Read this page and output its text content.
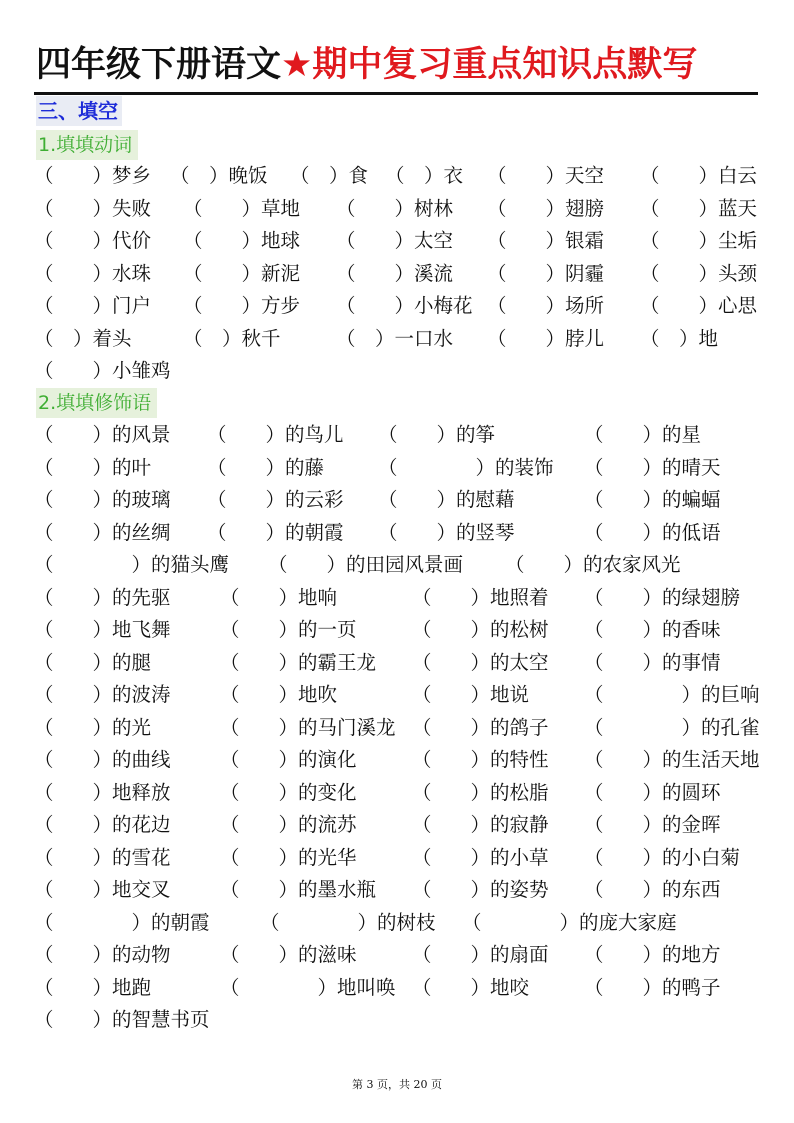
四年级下册语文★期中复习重点知识点默写
三、填空
1.填填动词
2.填填修饰语
（　　）梦乡 （　）晚饭 （　）食 （　）衣 （　　）天空 （　　）白云
（　　）失败 （　　）草地 （　　）树林 （　　）翅膀 （　　）蓝天
（　　）代价 （　　）地球 （　　）太空 （　　）银霜 （　　）尘垢
（　　）水珠 （　　）新泥 （　　）溪流 （　　）阴霾 （　　）头颈
（　　）门户 （　　）方步 （　　）小梅花 （　　）场所 （　　）心思
（　）着头	（　）秋千	（　）一口水 （　　）脖儿 （　）地
（　　）小雏鸡
（　　）的风景 （　　）的鸟儿 （　　）的筝	（　　）的星
（　　）的叶	（　　）的藤	（　　　　）的装饰 （　　）的晴天
（　　）的玻璃 （　　）的云彩 （　　）的慰藉	（　　）的蝙蝠
（　　）的丝绸 （　　）的朝霞 （　　）的竖琴	（　　）的低语
（　　　　）的猫头鹰 （　　）的田园风景画 （　　）的农家风光
（　　）的先驱	（　　）地响	（　　）地照着 （　　）的绿翅膀
（　　）地飞舞	（　　）的一页	（　　）的松树 （　　）的香味
（　　）的腿	（　　）的霸王龙 （　　）的太空 （　　）的事情
（　　）的波涛	（　　）地吹	（　　）地说	（　　　　）的巨响
（　　）的光	（　　）的马门溪龙 （　　）的鸽子 （　　　　）的孔雀
（　　）的曲线	（　　）的演化	（　　）的特性 （　　）的生活天地
（　　）地释放	（　　）的变化	（　　）的松脂 （　　）的圆环
（　　）的花边	（　　）的流苏	（　　）的寂静 （　　）的金晖
（　　）的雪花	（　　）的光华	（　　）的小草 （　　）的小白菊
（　　）地交叉	（　　）的墨水瓶 （　　）的姿势 （　　）的东西
（　　　　）的朝霞	（　　　　）的树枝 （　　　　）的庞大家庭
（　　）的动物	（　　）的滋味	（　　）的扇面 （　　）的地方
（　　）地跑	（　　　　）地叫唤 （　　）地咬	（　　）的鸭子
（　　）的智慧书页
第 3 页，共 20 页
